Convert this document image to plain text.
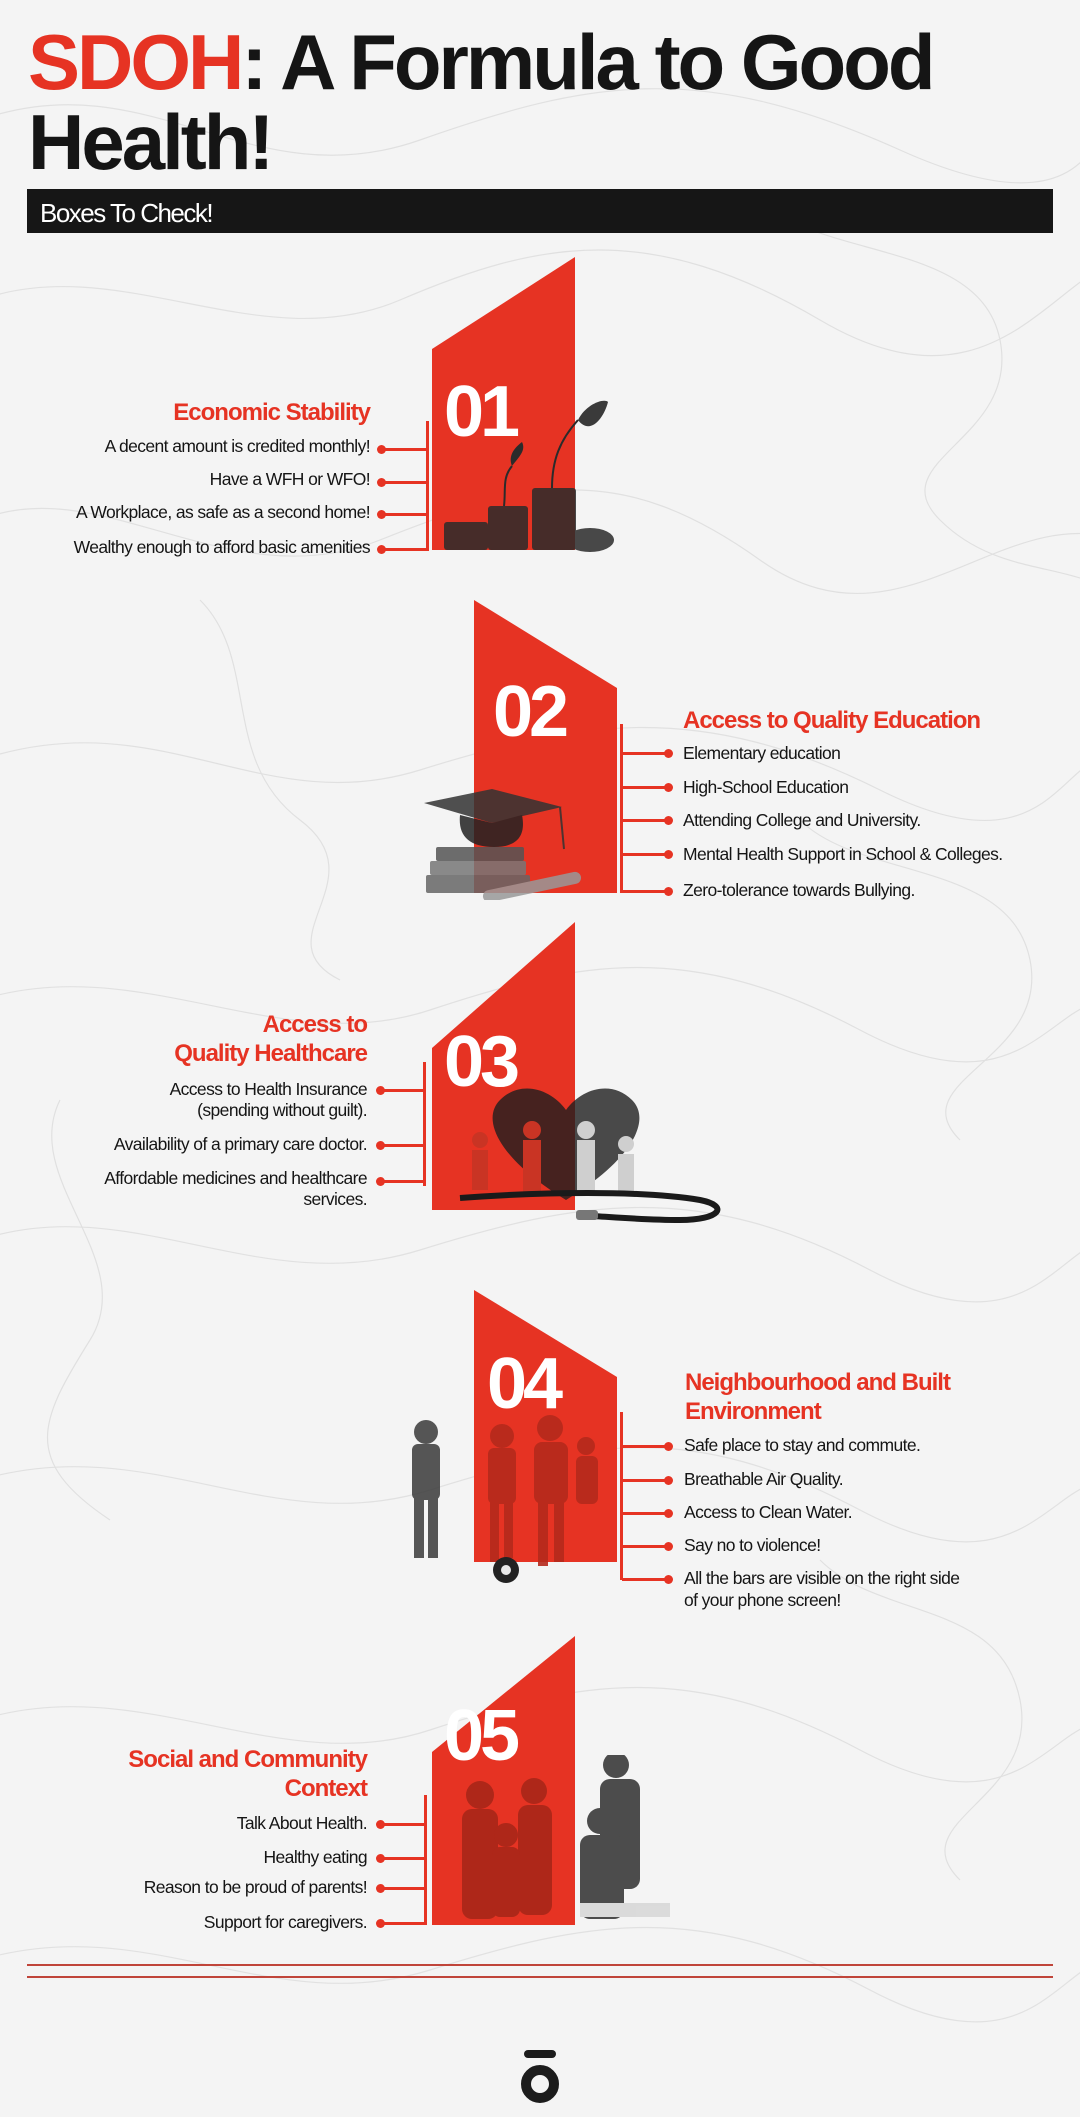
SDOH: A Formula to Good
Health!
Boxes To Check!
01
Economic Stability
A decent amount is credited monthly!
Have a WFH or WFO!
A Workplace, as safe as a second home!
Wealthy enough to afford basic amenities
02	Access to Quality Education
Elementary education
High-School Education
Attending College and University.
Mental Health Support in School & Colleges.
Zero-tolerance towards Bullying.
03
Access to
Quality Healthcare
Access to Health Insurance
(spending without guilt).
Availability of a primary care doctor.
Affordable medicines and healthcare
services.
04	Neighbourhood and Built
Environment
Safe place to stay and commute.
Breathable Air Quality.
Access to Clean Water.
Say no to violence!
All the bars are visible on the right side
of your phone screen!
05
Social and Community
Context
Talk About Health.
Healthy eating
Reason to be proud of parents!
Support for caregivers.
